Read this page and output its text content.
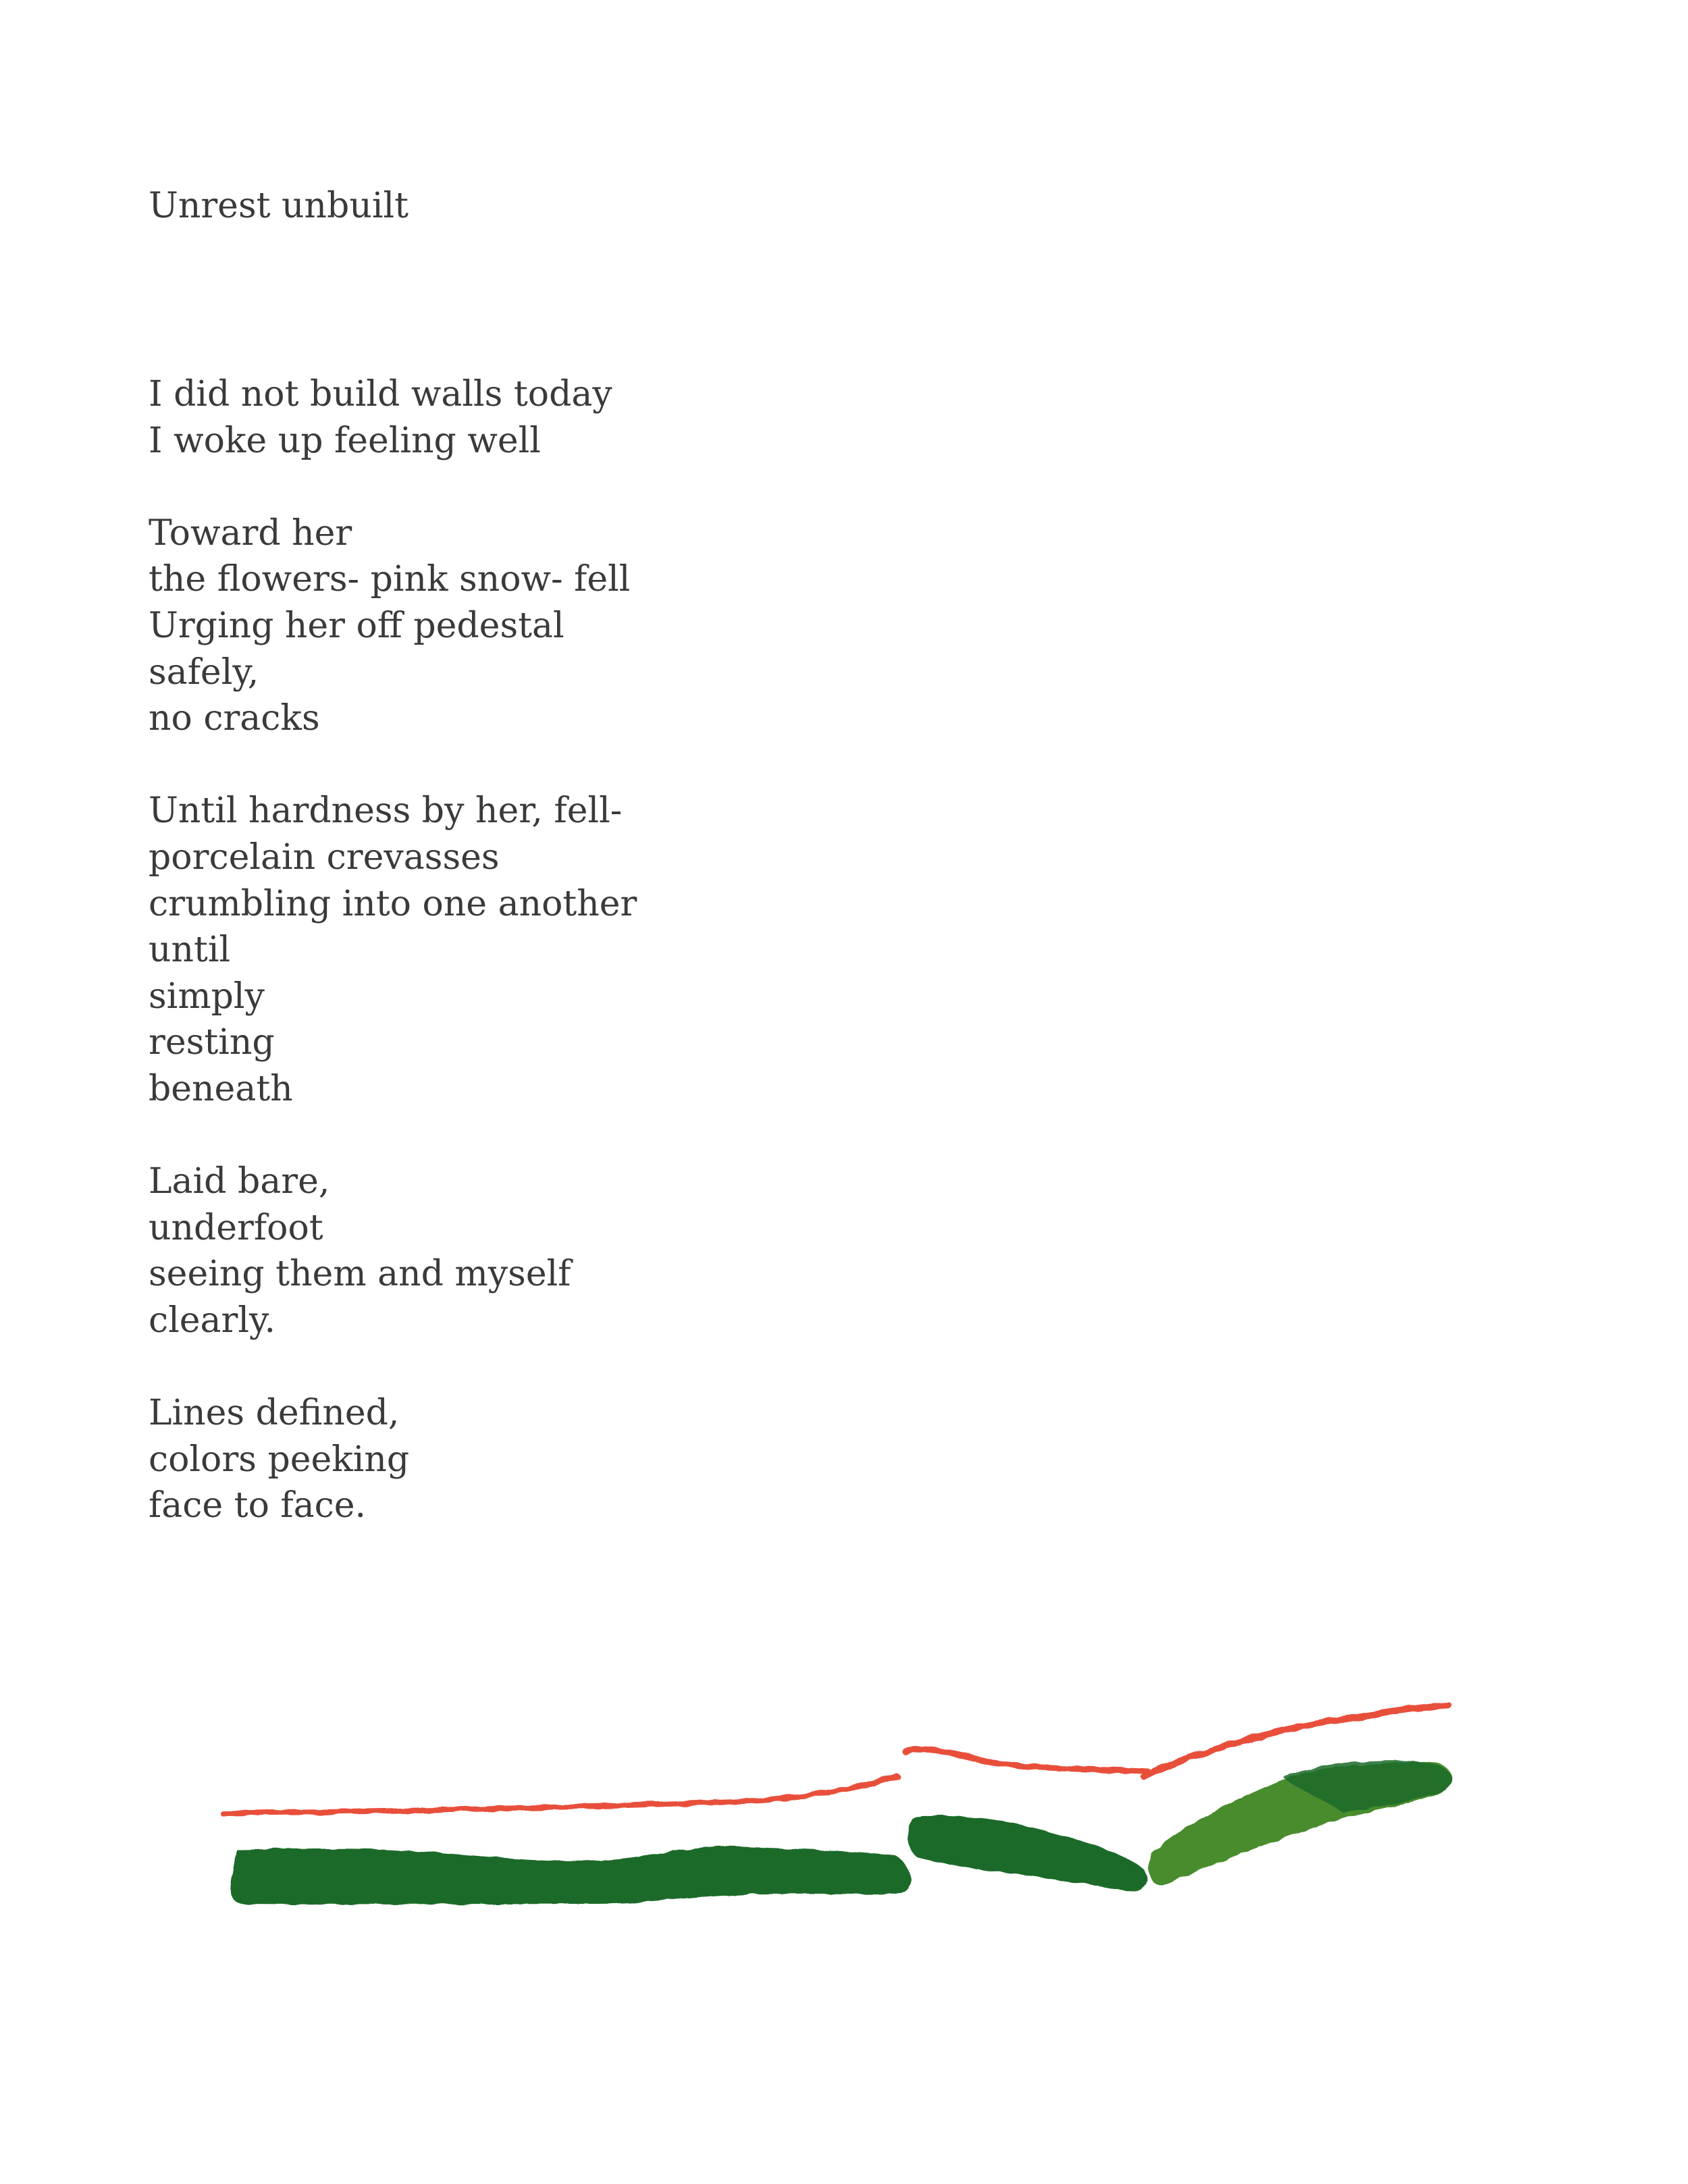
Unrest unbuilt
I did not build walls today
I woke up feeling well
Toward her
the flowers- pink snow- fell
Urging her off pedestal
safely,
no cracks
Until hardness by her, fell-
porcelain crevasses
crumbling into one another
until
simply
resting
beneath
Laid bare,
underfoot
seeing them and myself
clearly.
Lines defined,
colors peeking
face to face.
